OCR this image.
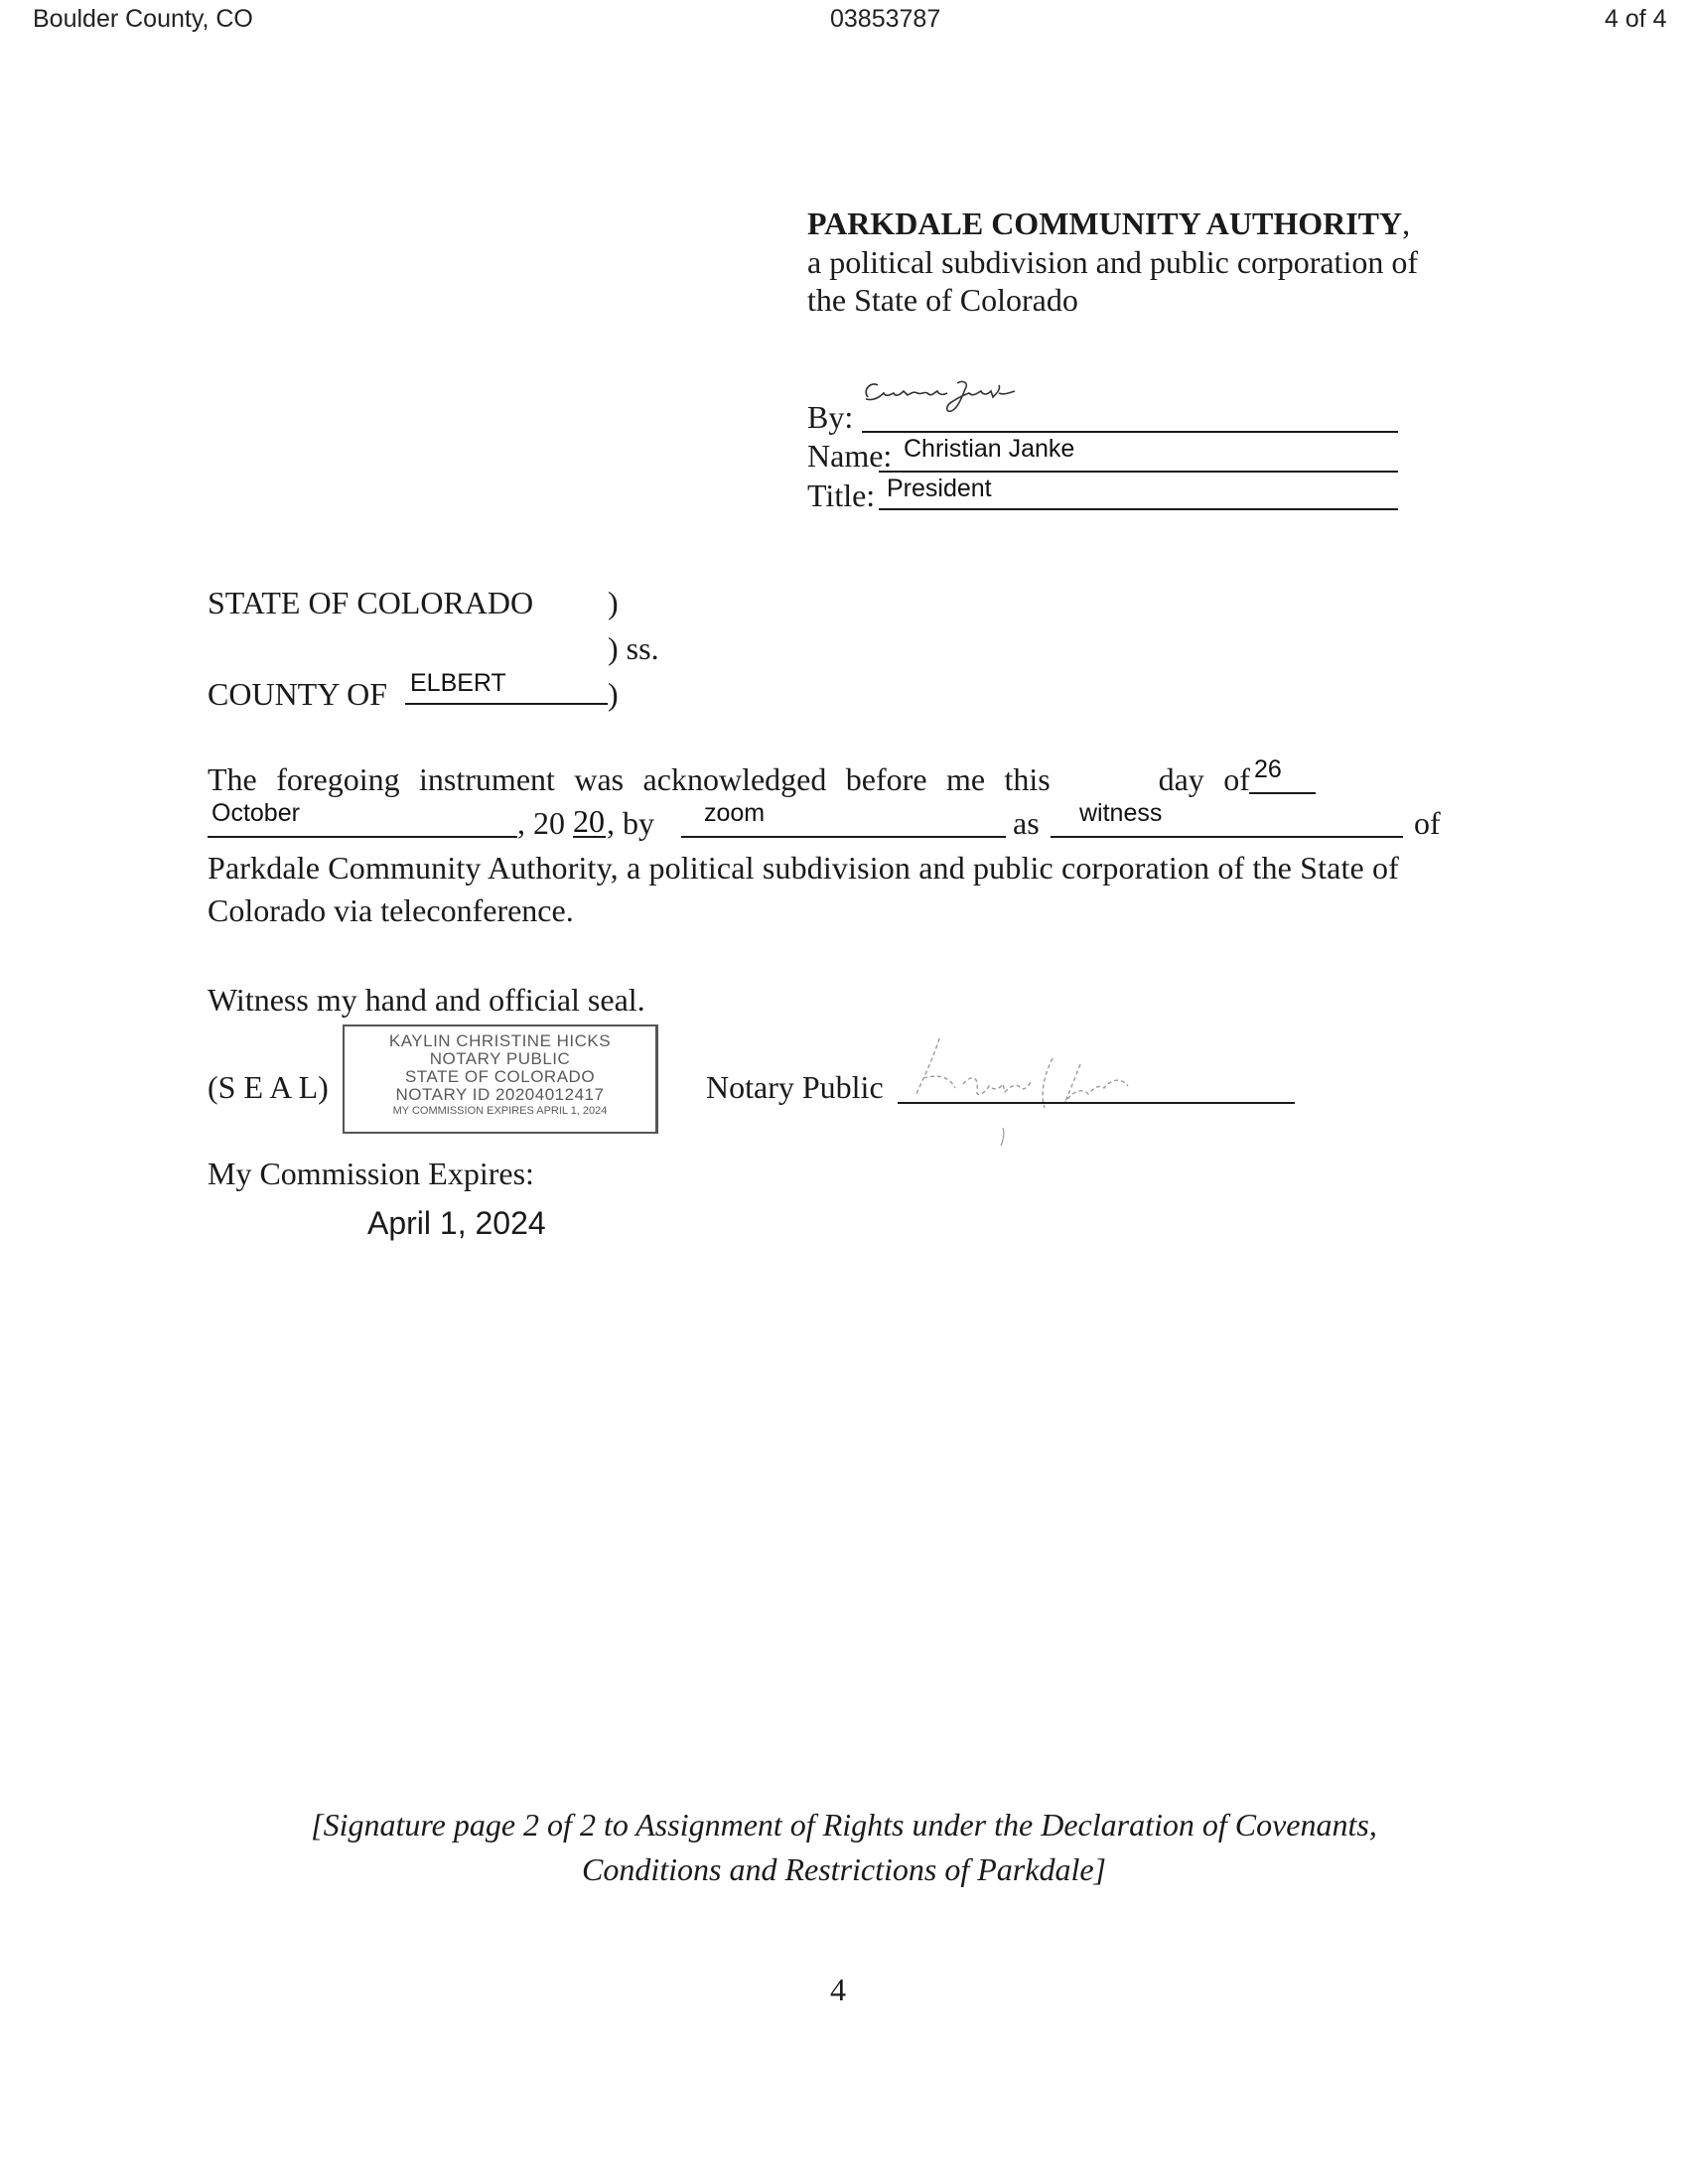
Boulder County, CO	03853787	4 of 4
PARKDALE COMMUNITY AUTHORITY,
a political subdivision and public corporation of
the State of Colorado
By:
Name: Christian Janke
Title: President
STATE OF COLORADO )
) ss.
COUNTY OF ELBERT	)
The foregoing instrument was acknowledged before me this	day of 26
October	, 20 20 , by zoom	as witness	of
Parkdale Community Authority, a political subdivision and public corporation of the State of
Colorado via teleconference.
Witness my hand and official seal.
(S E A L)
KAYLIN CHRISTINE HICKS
NOTARY PUBLIC
STATE OF COLORADO
NOTARY ID 20204012417
MY COMMISSION EXPIRES APRIL 1, 2024
Notary Public
My Commission Expires:
April 1, 2024
[Signature page 2 of 2 to Assignment of Rights under the Declaration of Covenants,
Conditions and Restrictions of Parkdale]
4
